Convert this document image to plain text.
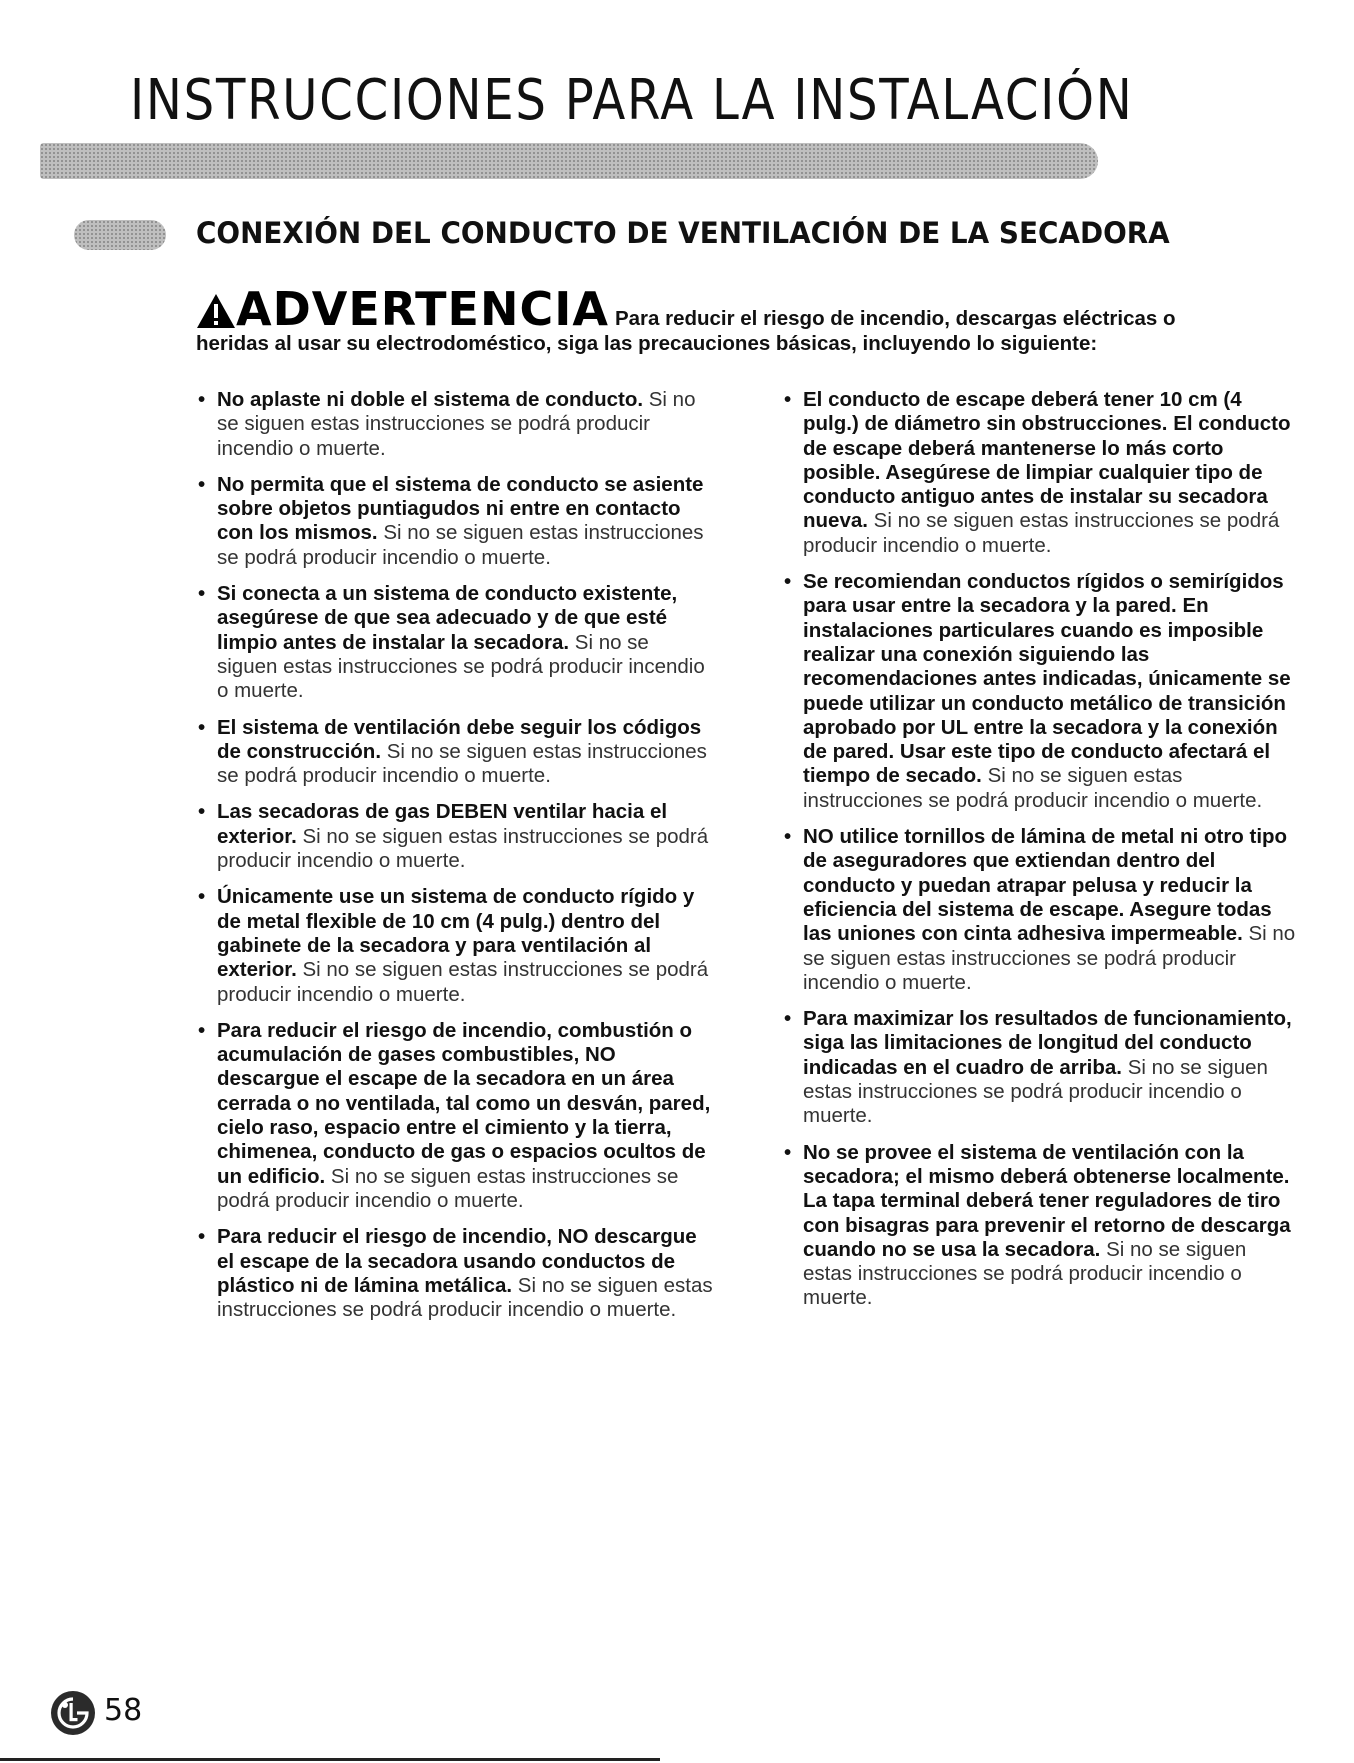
INSTRUCCIONES PARA LA INSTALACIÓN
CONEXIÓN DEL CONDUCTO DE VENTILACIÓN DE LA SECADORA
ADVERTENCIA Para reducir el riesgo de incendio, descargas eléctricas o
heridas al usar su electrodoméstico, siga las precauciones básicas, incluyendo lo siguiente:

• No aplaste ni doble el sistema de conducto. Si no se siguen estas instrucciones se podrá producir incendio o muerte.

• No permita que el sistema de conducto se asiente sobre objetos puntiagudos ni entre en contacto con los mismos. Si no se siguen estas instrucciones se podrá producir incendio o muerte.

• Si conecta a un sistema de conducto existente, asegúrese de que sea adecuado y de que esté limpio antes de instalar la secadora. Si no se siguen estas instrucciones se podrá producir incendio o muerte.

• El sistema de ventilación debe seguir los códigos de construcción. Si no se siguen estas instrucciones se podrá producir incendio o muerte.

• Las secadoras de gas DEBEN ventilar hacia el exterior. Si no se siguen estas instrucciones se podrá producir incendio o muerte.

• Únicamente use un sistema de conducto rígido y de metal flexible de 10 cm (4 pulg.) dentro del gabinete de la secadora y para ventilación al exterior. Si no se siguen estas instrucciones se podrá producir incendio o muerte.

• Para reducir el riesgo de incendio, combustión o acumulación de gases combustibles, NO descargue el escape de la secadora en un área cerrada o no ventilada, tal como un desván, pared, cielo raso, espacio entre el cimiento y la tierra, chimenea, conducto de gas o espacios ocultos de un edificio. Si no se siguen estas instrucciones se podrá producir incendio o muerte.

• Para reducir el riesgo de incendio, NO descargue el escape de la secadora usando conductos de plástico ni de lámina metálica. Si no se siguen estas instrucciones se podrá producir incendio o muerte.

• El conducto de escape deberá tener 10 cm (4 pulg.) de diámetro sin obstrucciones. El conducto de escape deberá mantenerse lo más corto posible. Asegúrese de limpiar cualquier tipo de conducto antiguo antes de instalar su secadora nueva. Si no se siguen estas instrucciones se podrá producir incendio o muerte.

• Se recomiendan conductos rígidos o semirígidos para usar entre la secadora y la pared. En instalaciones particulares cuando es imposible realizar una conexión siguiendo las recomendaciones antes indicadas, únicamente se puede utilizar un conducto metálico de transición aprobado por UL entre la secadora y la conexión de pared. Usar este tipo de conducto afectará el tiempo de secado. Si no se siguen estas instrucciones se podrá producir incendio o muerte.

• NO utilice tornillos de lámina de metal ni otro tipo de aseguradores que extiendan dentro del conducto y puedan atrapar pelusa y reducir la eficiencia del sistema de escape. Asegure todas las uniones con cinta adhesiva impermeable. Si no se siguen estas instrucciones se podrá producir incendio o muerte.

• Para maximizar los resultados de funcionamiento, siga las limitaciones de longitud del conducto indicadas en el cuadro de arriba. Si no se siguen estas instrucciones se podrá producir incendio o muerte.

• No se provee el sistema de ventilación con la secadora; el mismo deberá obtenerse localmente. La tapa terminal deberá tener reguladores de tiro con bisagras para prevenir el retorno de descarga cuando no se usa la secadora. Si no se siguen estas instrucciones se podrá producir incendio o muerte.

58
